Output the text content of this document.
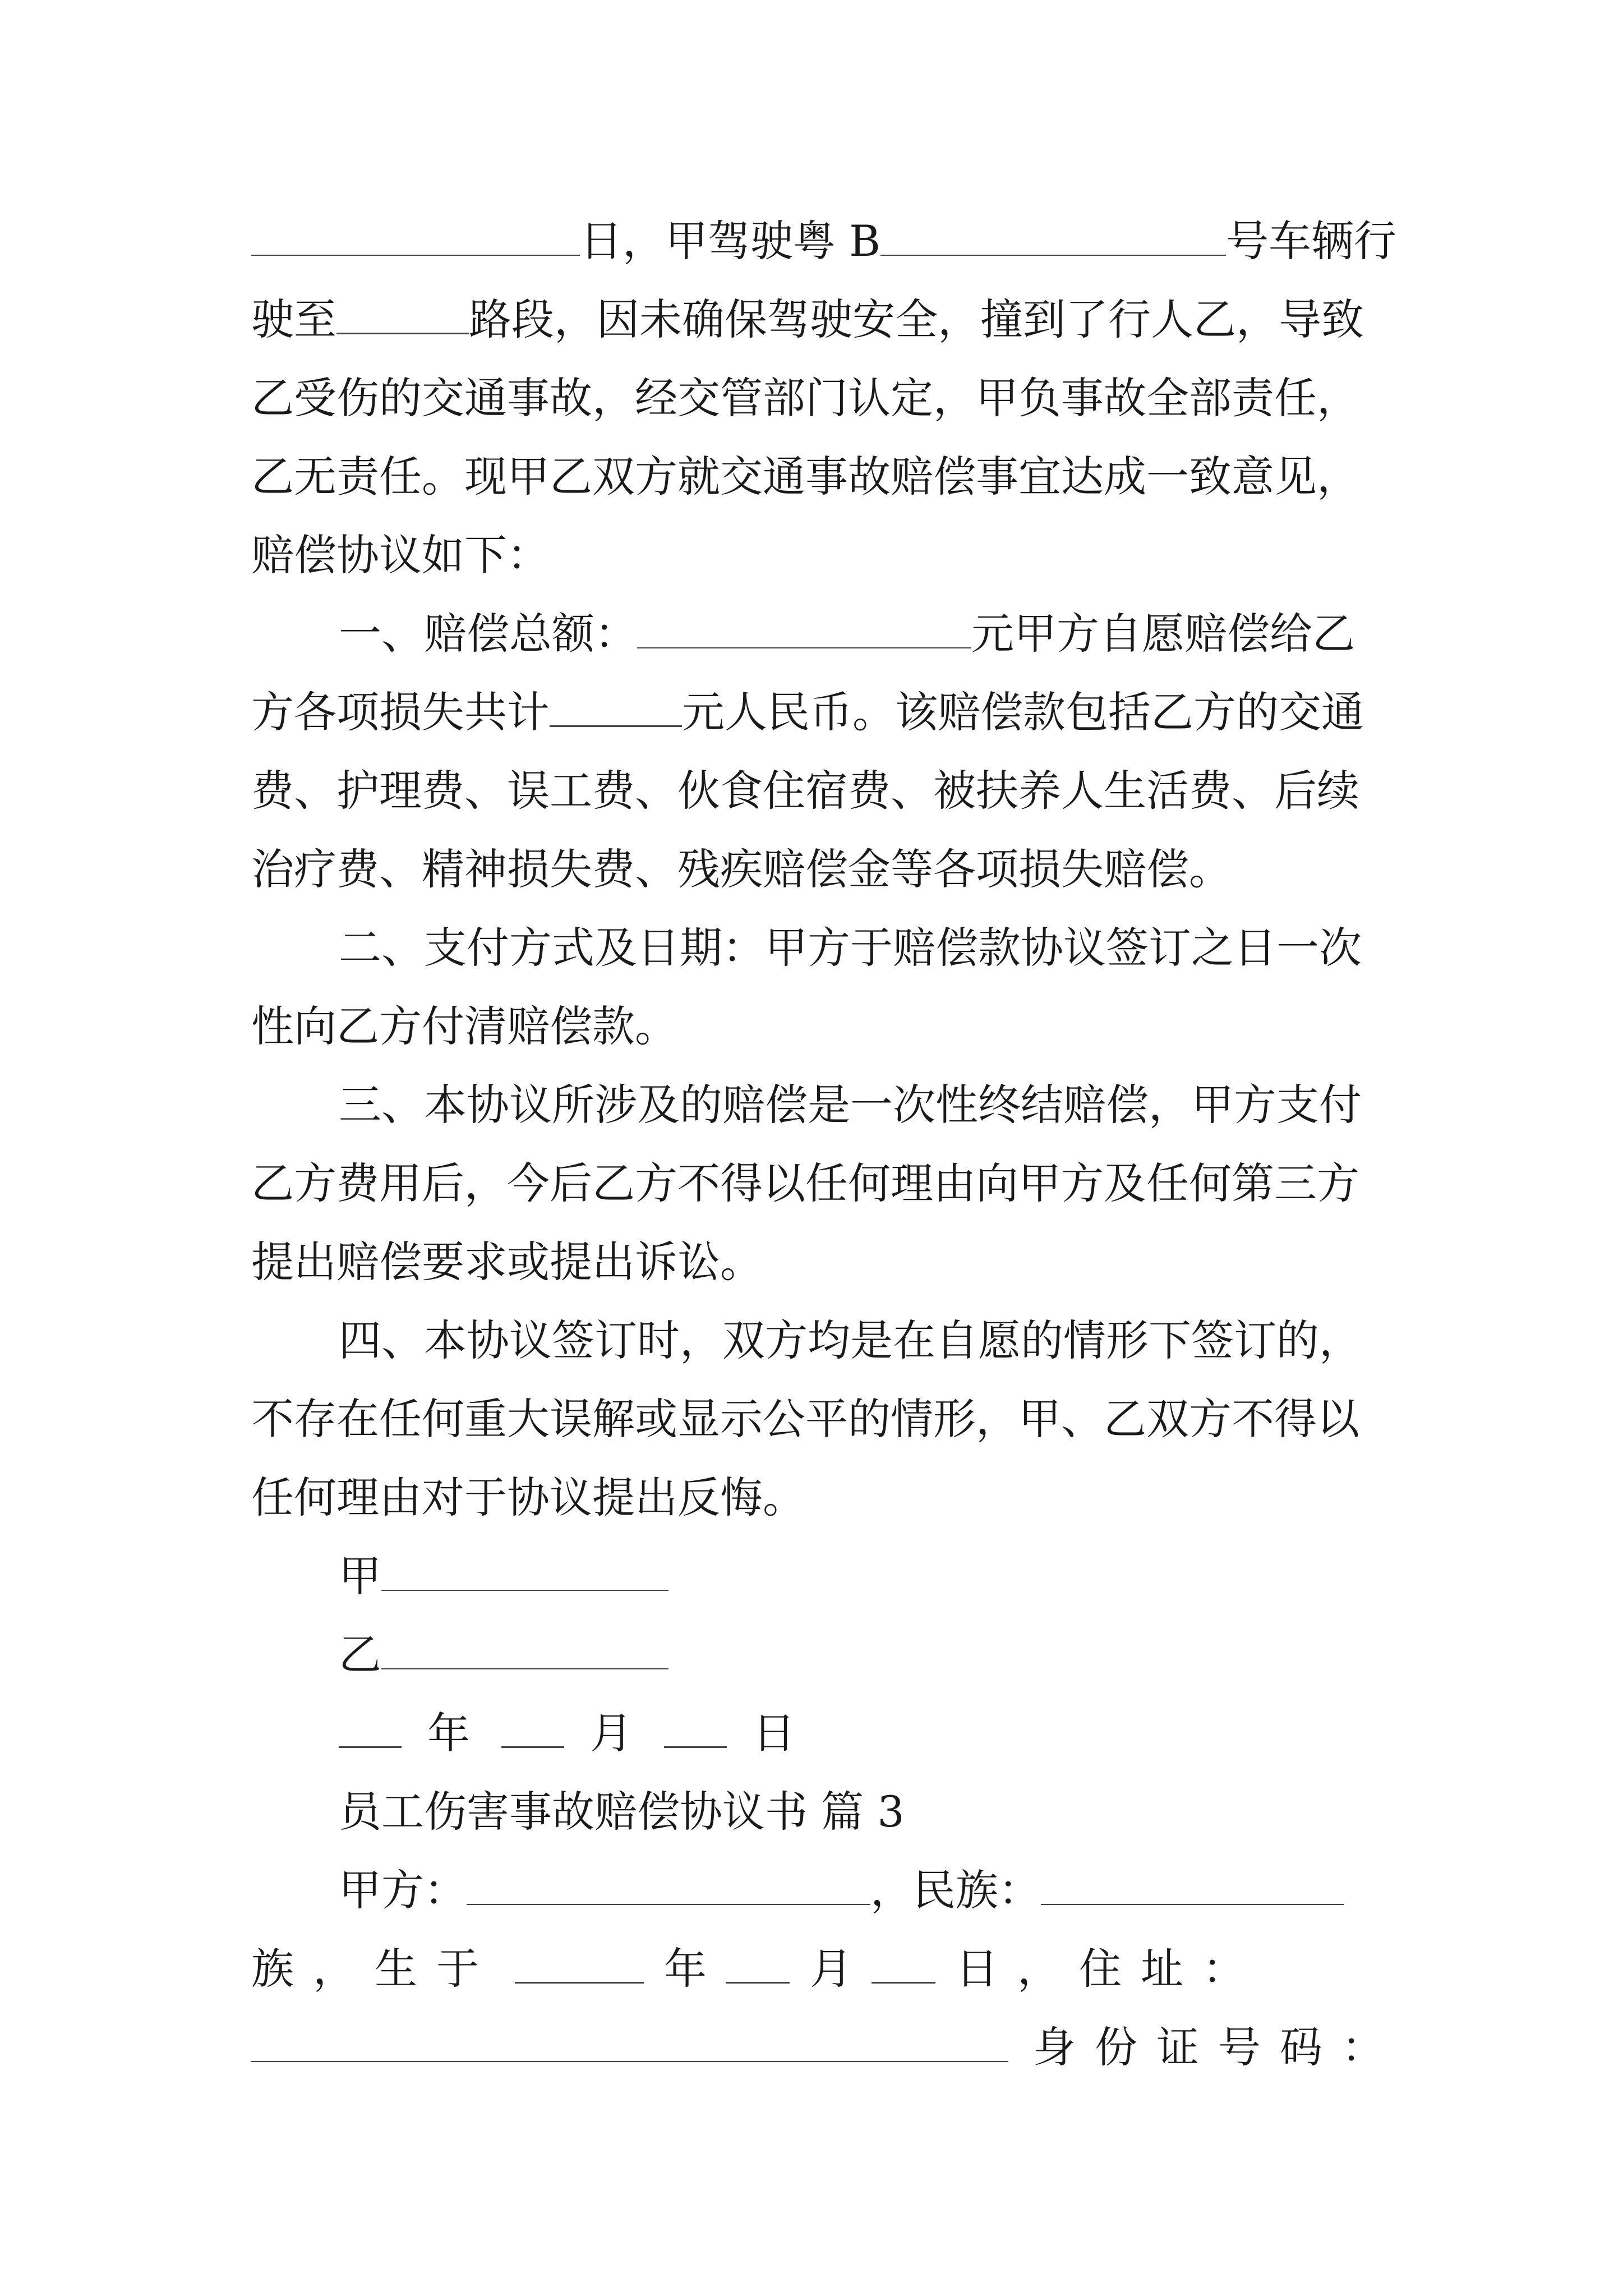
日，甲驾驶粤 B	号车辆行
驶至	路段，因未确保驾驶安全，撞到了行人乙，导致
乙受伤的交通事故，经交管部门认定，甲负事故全部责任，
乙无责任。现甲乙双方就交通事故赔偿事宜达成一致意见，
赔偿协议如下：
一、赔偿总额：	元甲方自愿赔偿给乙
方各项损失共计	元人民币。该赔偿款包括乙方的交通
费、护理费、误工费、伙食住宿费、被扶养人生活费、后续
治疗费、精神损失费、残疾赔偿金等各项损失赔偿。
二、支付方式及日期：甲方于赔偿款协议签订之日一次
性向乙方付清赔偿款。
三、本协议所涉及的赔偿是一次性终结赔偿，甲方支付
乙方费用后，今后乙方不得以任何理由向甲方及任何第三方
提出赔偿要求或提出诉讼。
四、本协议签订时，双方均是在自愿的情形下签订的，
不存在任何重大误解或显示公平的情形，甲、乙双方不得以
任何理由对于协议提出反悔。
甲
乙
年	月	日
员工伤害事故赔偿协议书 篇 3
甲方：	，民族：
族，生于	年 月 日，住址：
身份证号码：
